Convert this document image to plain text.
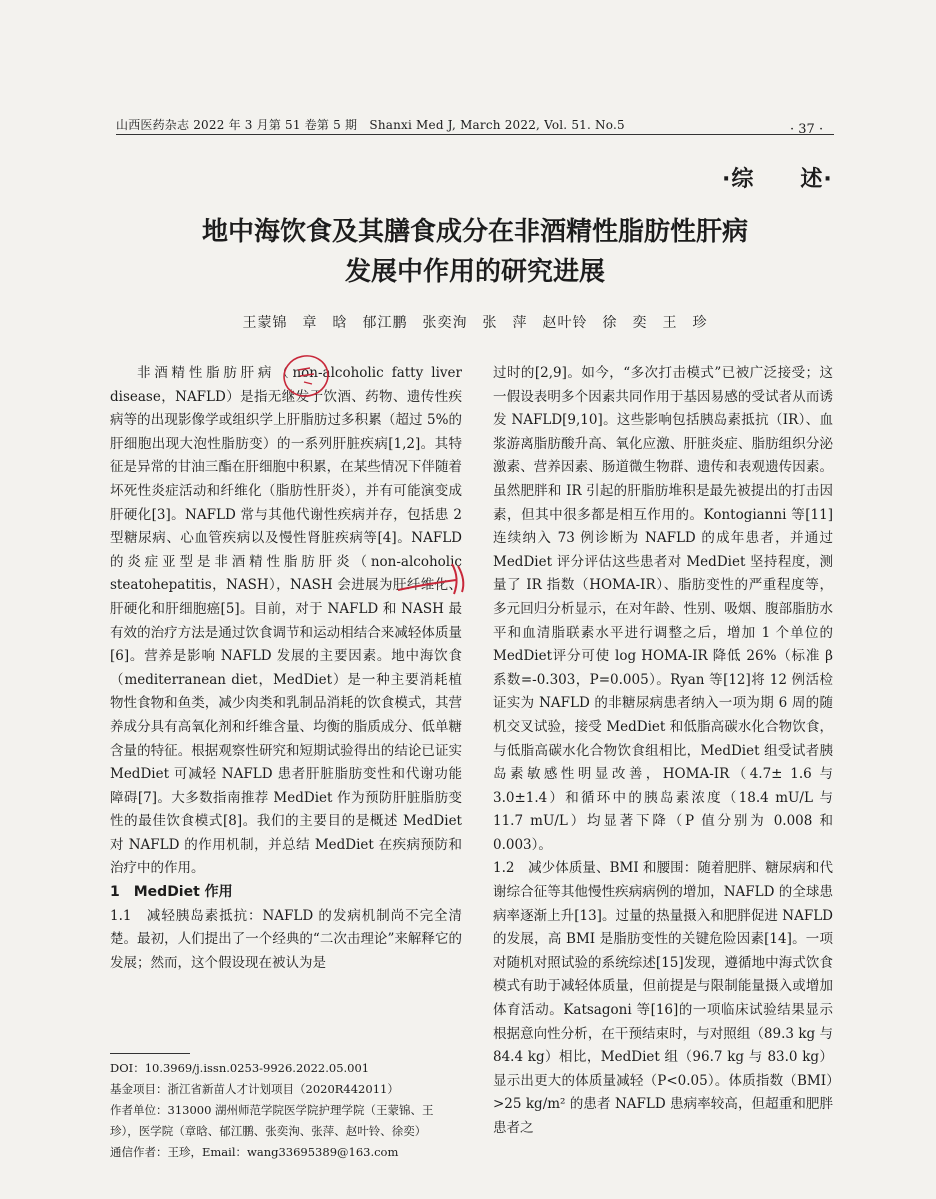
山西医药杂志 2022 年 3 月第 51 卷第 5 期　Shanxi Med J, March 2022, Vol. 51. No.5	· 37 ·
·综　　述·
地中海饮食及其膳食成分在非酒精性脂肪性肝病
发展中作用的研究进展
王蒙锦　章　晗　郁江鹏　张奕洵　张　萍　赵叶铃　徐　奕　王　珍

非酒精性脂肪肝病（non-alcoholic fatty liver disease，NAFLD）是指无继发于饮酒、药物、遗传性疾病等的出现影像学或组织学上肝脂肪过多积累（超过 5%的肝细胞出现大泡性脂肪变）的一系列肝脏疾病[1,2]。其特征是异常的甘油三酯在肝细胞中积累，在某些情况下伴随着坏死性炎症活动和纤维化（脂肪性肝炎），并有可能演变成肝硬化[3]。NAFLD 常与其他代谢性疾病并存，包括患 2 型糖尿病、心血管疾病以及慢性肾脏疾病等[4]。NAFLD 的炎症亚型是非酒精性脂肪肝炎（non-alcoholic steatohepatitis，NASH），NASH 会进展为肝纤维化、肝硬化和肝细胞癌[5]。目前，对于 NAFLD 和 NASH 最有效的治疗方法是通过饮食调节和运动相结合来减轻体质量[6]。营养是影响 NAFLD 发展的主要因素。地中海饮食（mediterranean diet，MedDiet）是一种主要消耗植物性食物和鱼类，减少肉类和乳制品消耗的饮食模式，其营养成分具有高氧化剂和纤维含量、均衡的脂质成分、低单糖含量的特征。根据观察性研究和短期试验得出的结论已证实 MedDiet 可减轻 NAFLD 患者肝脏脂肪变性和代谢功能障碍[7]。大多数指南推荐 MedDiet 作为预防肝脏脂肪变性的最佳饮食模式[8]。我们的主要目的是概述 MedDiet 对 NAFLD 的作用机制，并总结 MedDiet 在疾病预防和治疗中的作用。

1　MedDiet 作用

1.1　减轻胰岛素抵抗：NAFLD 的发病机制尚不完全清楚。最初，人们提出了一个经典的“二次击理论”来解释它的发展；然而，这个假设现在被认为是

过时的[2,9]。如今，“多次打击模式”已被广泛接受；这一假设表明多个因素共同作用于基因易感的受试者从而诱发 NAFLD[9,10]。这些影响包括胰岛素抵抗（IR）、血浆游离脂肪酸升高、氧化应激、肝脏炎症、脂肪组织分泌激素、营养因素、肠道微生物群、遗传和表观遗传因素。虽然肥胖和 IR 引起的肝脂肪堆积是最先被提出的打击因素，但其中很多都是相互作用的。Kontogianni 等[11]连续纳入 73 例诊断为 NAFLD 的成年患者，并通过 MedDiet 评分评估这些患者对 MedDiet 坚持程度，测量了 IR 指数（HOMA-IR）、脂肪变性的严重程度等，多元回归分析显示，在对年龄、性别、吸烟、腹部脂肪水平和血清脂联素水平进行调整之后，增加 1 个单位的 MedDiet评分可使 log HOMA-IR 降低 26%（标准 β 系数=-0.303，P=0.005）。Ryan 等[12]将 12 例活检证实为 NAFLD 的非糖尿病患者纳入一项为期 6 周的随机交叉试验，接受 MedDiet 和低脂高碳水化合物饮食，与低脂高碳水化合物饮食组相比，MedDiet 组受试者胰岛素敏感性明显改善，HOMA-IR（4.7± 1.6 与 3.0±1.4）和循环中的胰岛素浓度（18.4 mU/L 与 11.7 mU/L）均显著下降（P 值分别为 0.008 和 0.003）。

1.2　减少体质量、BMI 和腰围：随着肥胖、糖尿病和代谢综合征等其他慢性疾病病例的增加，NAFLD 的全球患病率逐渐上升[13]。过量的热量摄入和肥胖促进 NAFLD 的发展，高 BMI 是脂肪变性的关键危险因素[14]。一项对随机对照试验的系统综述[15]发现，遵循地中海式饮食模式有助于减轻体质量，但前提是与限制能量摄入或增加体育活动。Katsagoni 等[16]的一项临床试验结果显示根据意向性分析，在干预结束时，与对照组（89.3 kg 与 84.4 kg）相比，MedDiet 组（96.7 kg 与 83.0 kg）显示出更大的体质量减轻（P<0.05）。体质指数（BMI）>25 kg/m² 的患者 NAFLD 患病率较高，但超重和肥胖患者之

DOI：10.3969/j.issn.0253-9926.2022.05.001
基金项目：浙江省新苗人才计划项目（2020R442011）
作者单位：313000 湖州师范学院医学院护理学院（王蒙锦、王珍），医学院（章晗、郁江鹏、张奕洵、张萍、赵叶铃、徐奕）
通信作者：王珍，Email：wang33695389@163.com
